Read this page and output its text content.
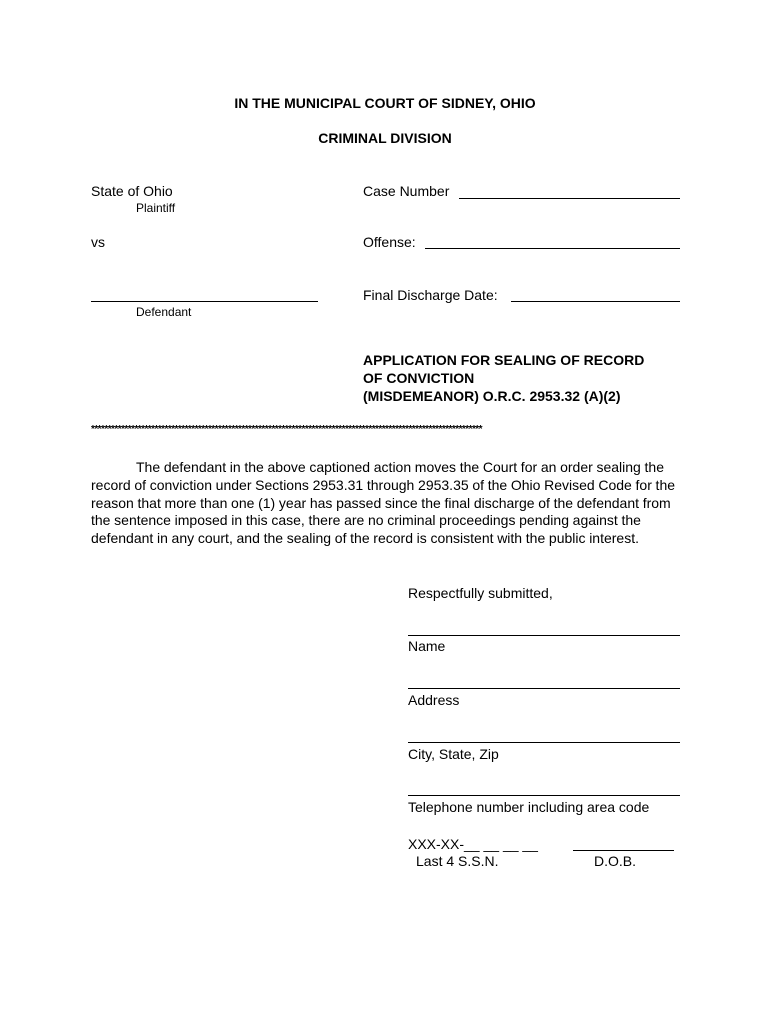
IN THE MUNICIPAL COURT OF SIDNEY, OHIO
CRIMINAL DIVISION
State of Ohio
Plaintiff
vs
Defendant
Case Number
Offense:
Final Discharge Date:
APPLICATION FOR SEALING OF RECORD
OF CONVICTION
(MISDEMEANOR) O.R.C. 2953.32 (A)(2)
*********************************************************************************************************************
The defendant in the above captioned action moves the Court for an order sealing the record of conviction under Sections 2953.31 through 2953.35 of the Ohio Revised Code for the reason that more than one (1) year has passed since the final discharge of the defendant from the sentence imposed in this case, there are no criminal proceedings pending against the defendant in any court, and the sealing of the record is consistent with the public interest.
Respectfully submitted,
Name
Address
City, State, Zip
Telephone number including area code
XXX-XX-__ __ __ __
Last 4 S.S.N.	D.O.B.
